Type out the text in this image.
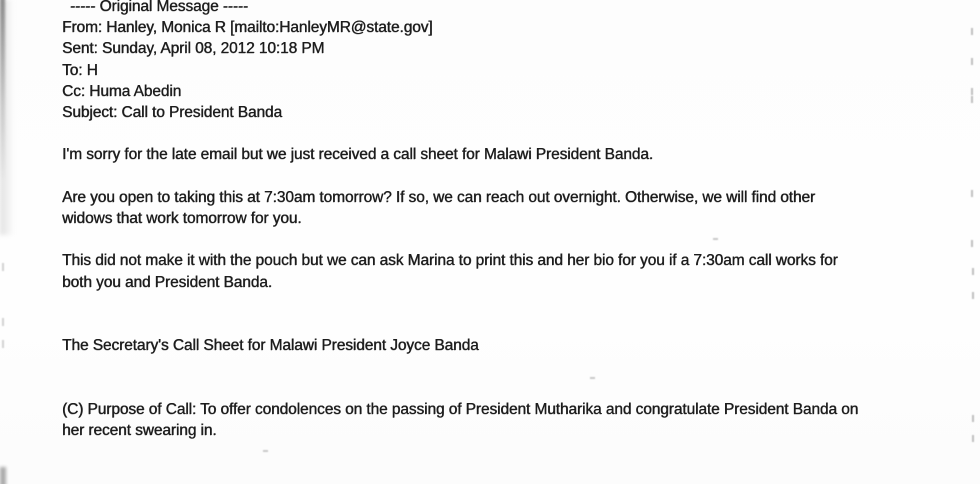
----- Original Message -----
From: Hanley, Monica R [mailto:HanleyMR@state.gov]
Sent: Sunday, April 08, 2012 10:18 PM
To: H
Cc: Huma Abedin
Subject: Call to President Banda
I'm sorry for the late email but we just received a call sheet for Malawi President Banda.
Are you open to taking this at 7:30am tomorrow? If so, we can reach out overnight. Otherwise, we will find other
widows that work tomorrow for you.
This did not make it with the pouch but we can ask Marina to print this and her bio for you if a 7:30am call works for
both you and President Banda.
The Secretary's Call Sheet for Malawi President Joyce Banda
(C) Purpose of Call: To offer condolences on the passing of President Mutharika and congratulate President Banda on
her recent swearing in.
